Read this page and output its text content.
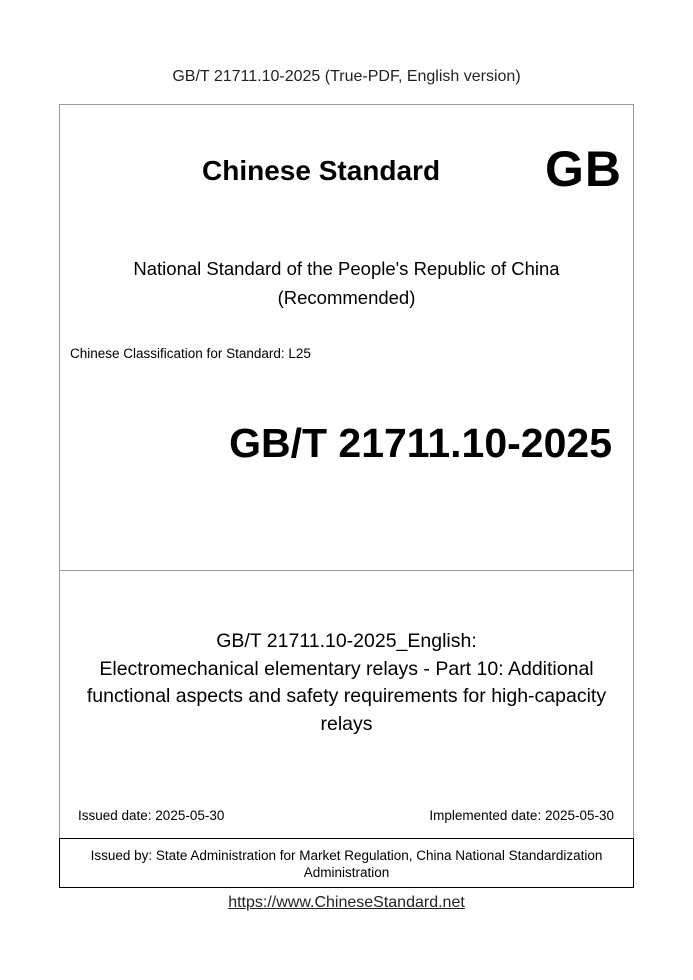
GB/T 21711.10-2025 (True-PDF, English version)
Chinese Standard GB
National Standard of the People's Republic of China
(Recommended)
Chinese Classification for Standard: L25
GB/T 21711.10-2025
GB/T 21711.10-2025_English:
Electromechanical elementary relays - Part 10: Additional
functional aspects and safety requirements for high-capacity
relays
Issued date: 2025-05-30	Implemented date: 2025-05-30
Issued by: State Administration for Market Regulation, China National Standardization
Administration
https://www.ChineseStandard.net
